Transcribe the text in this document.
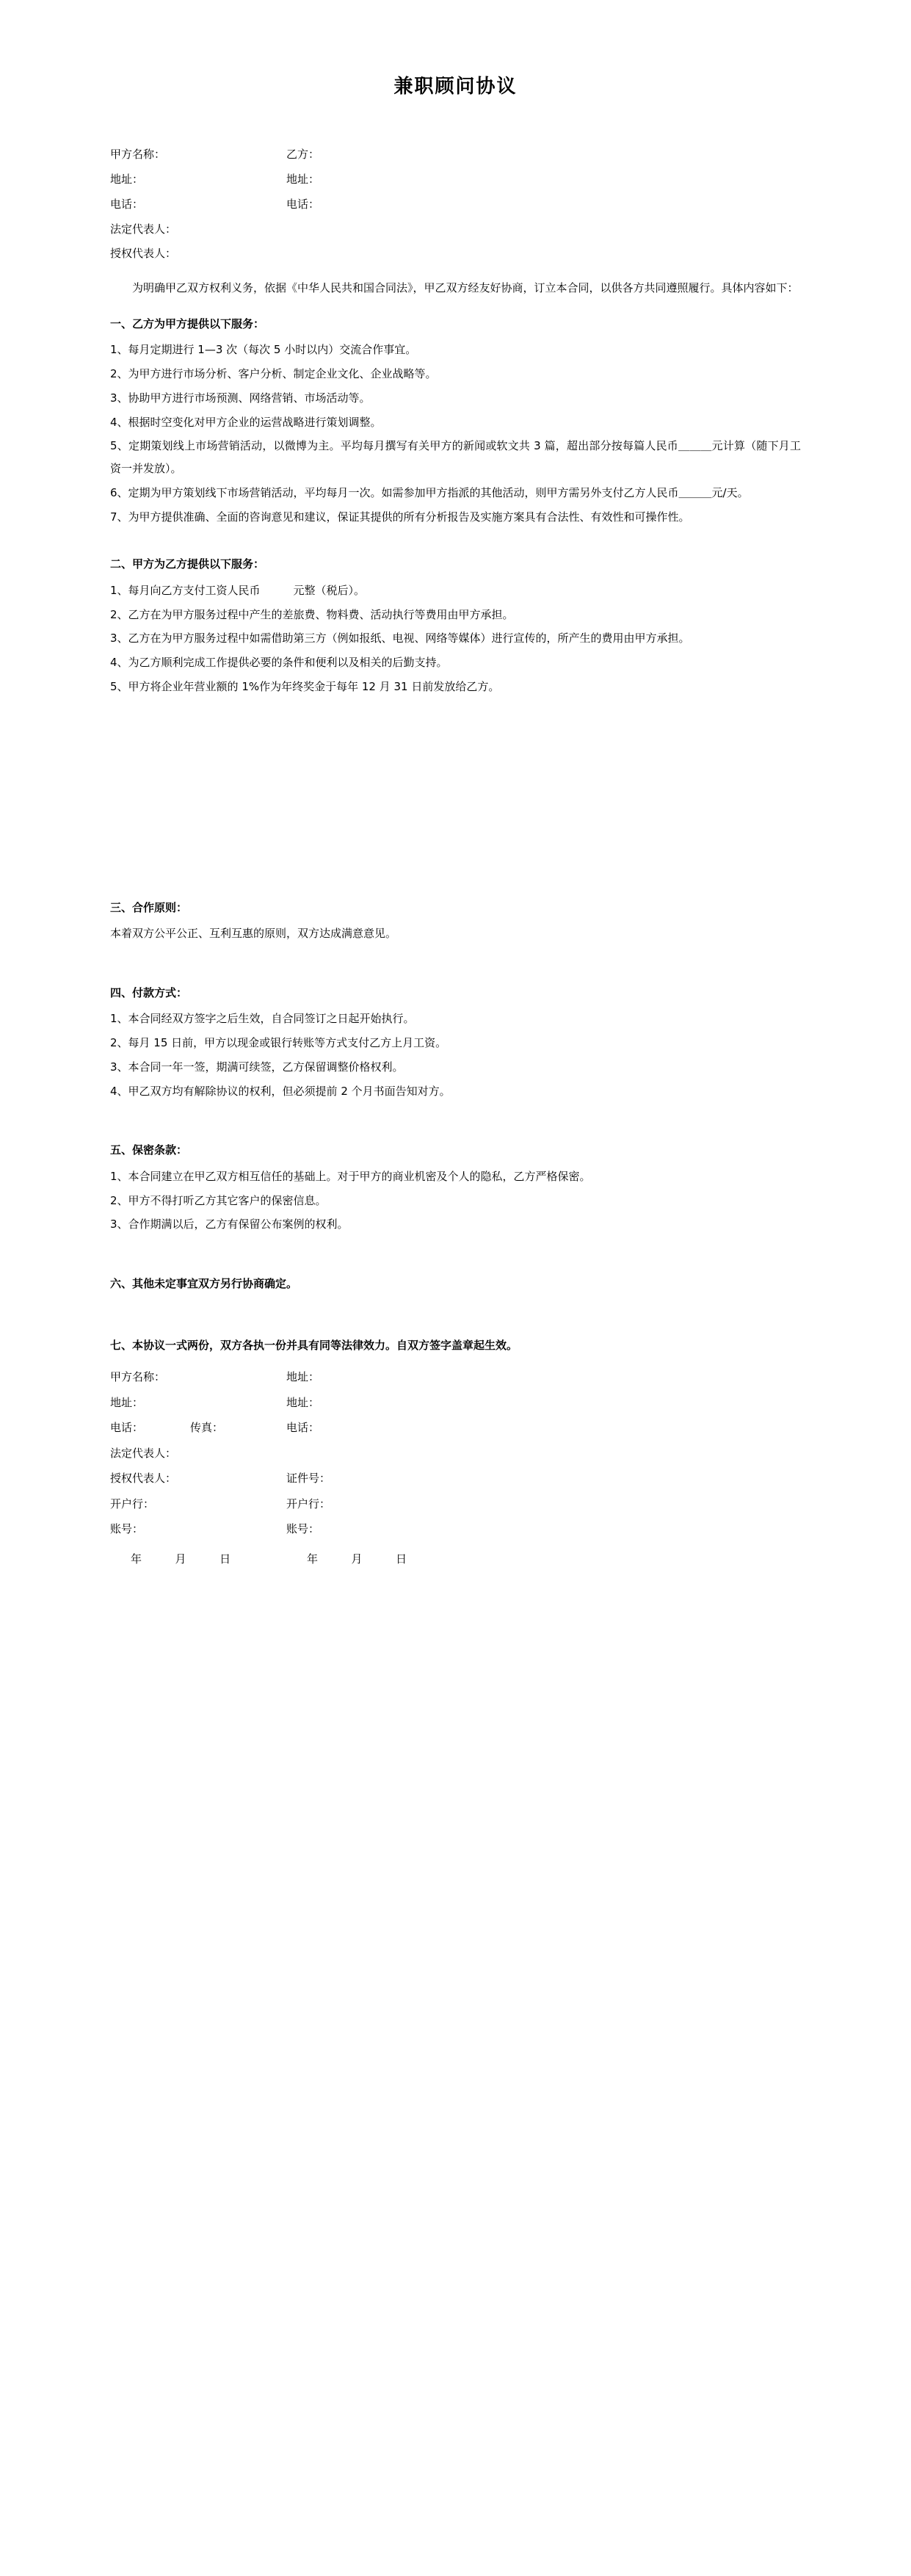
兼职顾问协议
甲方名称：	乙方：
地址：	地址：
电话：	电话：
法定代表人：
授权代表人：

为明确甲乙双方权利义务，依据《中华人民共和国合同法》，甲乙双方经友好协商，订立本合同，以供各方共同遵照履行。具体内容如下：

一、乙方为甲方提供以下服务：

1、每月定期进行 1—3 次（每次 5 小时以内）交流合作事宜。

2、为甲方进行市场分析、客户分析、制定企业文化、企业战略等。

3、协助甲方进行市场预测、网络营销、市场活动等。

4、根据时空变化对甲方企业的运营战略进行策划调整。

5、定期策划线上市场营销活动，以微博为主。平均每月撰写有关甲方的新闻或软文共 3 篇，超出部分按每篇人民币＿＿＿元计算（随下月工资一并发放）。

6、定期为甲方策划线下市场营销活动，平均每月一次。如需参加甲方指派的其他活动，则甲方需另外支付乙方人民币＿＿＿元/天。

7、为甲方提供准确、全面的咨询意见和建议，保证其提供的所有分析报告及实施方案具有合法性、有效性和可操作性。

二、甲方为乙方提供以下服务：

1、每月向乙方支付工资人民币　　　元整（税后）。

2、乙方在为甲方服务过程中产生的差旅费、物料费、活动执行等费用由甲方承担。

3、乙方在为甲方服务过程中如需借助第三方（例如报纸、电视、网络等媒体）进行宣传的，所产生的费用由甲方承担。

4、为乙方顺利完成工作提供必要的条件和便利以及相关的后勤支持。

5、甲方将企业年营业额的 1%作为年终奖金于每年 12 月 31 日前发放给乙方。

三、合作原则：

本着双方公平公正、互利互惠的原则，双方达成满意意见。

四、付款方式：

1、本合同经双方签字之后生效，自合同签订之日起开始执行。

2、每月 15 日前，甲方以现金或银行转账等方式支付乙方上月工资。

3、本合同一年一签，期满可续签，乙方保留调整价格权利。

4、甲乙双方均有解除协议的权利，但必须提前 2 个月书面告知对方。

五、保密条款：

1、本合同建立在甲乙双方相互信任的基础上。对于甲方的商业机密及个人的隐私，乙方严格保密。

2、甲方不得打听乙方其它客户的保密信息。

3、合作期满以后，乙方有保留公布案例的权利。

六、其他未定事宜双方另行协商确定。
七、本协议一式两份，双方各执一份并具有同等法律效力。自双方签字盖章起生效。
甲方名称：	地址：
地址：	地址：
电话：	传真：	电话：
法定代表人：
授权代表人：	证件号：
开户行：	开户行：
账号：	账号：
年  月  日	年  月  日
